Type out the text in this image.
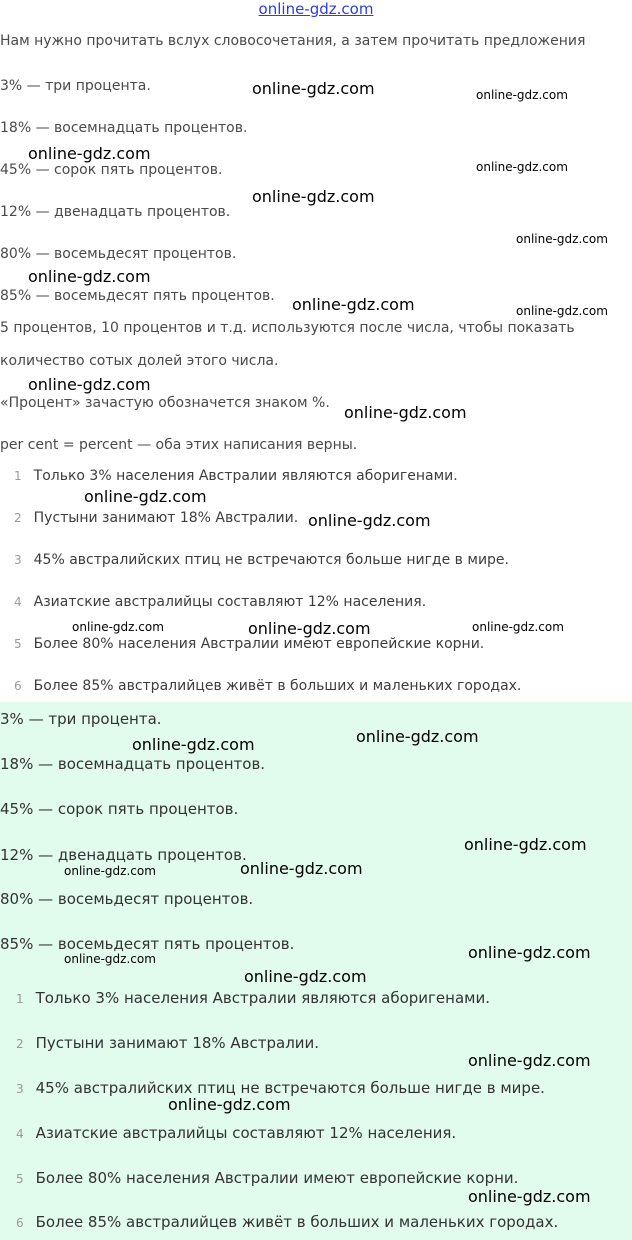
online-gdz.com
Нам нужно прочитать вслух словосочетания, а затем прочитать предложения
3% — три процента.
18% — восемнадцать процентов.
45% — сорок пять процентов.
12% — двенадцать процентов.
80% — восемьдесят процентов.
85% — восемьдесят пять процентов.
5 процентов, 10 процентов и т.д. используются после числа, чтобы показать
количество сотых долей этого числа.
«Процент» зачастую обозначется знаком %.
per cent = percent — оба этих написания верны.
1 Только 3% населения Австралии являются аборигенами.
2 Пустыни занимают 18% Австралии.
3 45% австралийских птиц не встречаются больше нигде в мире.
4 Азиатские австралийцы составляют 12% населения.
5 Более 80% населения Австралии имеют европейские корни.
6 Более 85% австралийцев живёт в больших и маленьких городах.
3% — три процента.
18% — восемнадцать процентов.
45% — сорок пять процентов.
12% — двенадцать процентов.
80% — восемьдесят процентов.
85% — восемьдесят пять процентов.
1 Только 3% населения Австралии являются аборигенами.
2 Пустыни занимают 18% Австралии.
3 45% австралийских птиц не встречаются больше нигде в мире.
4 Азиатские австралийцы составляют 12% населения.
5 Более 80% населения Австралии имеют европейские корни.
6 Более 85% австралийцев живёт в больших и маленьких городах.
online-gdz.com	online-gdz.com
online-gdz.com
online-gdz.com
online-gdz.com
online-gdz.com
online-gdz.com
online-gdz.com	online-gdz.com
online-gdz.com
online-gdz.com
online-gdz.com
online-gdz.com
online-gdz.com	online-gdz.com	online-gdz.com
online-gdz.com
online-gdz.com
online-gdz.com
online-gdz.com	online-gdz.com
online-gdz.com
online-gdz.com
online-gdz.com
online-gdz.com
online-gdz.com
online-gdz.com
